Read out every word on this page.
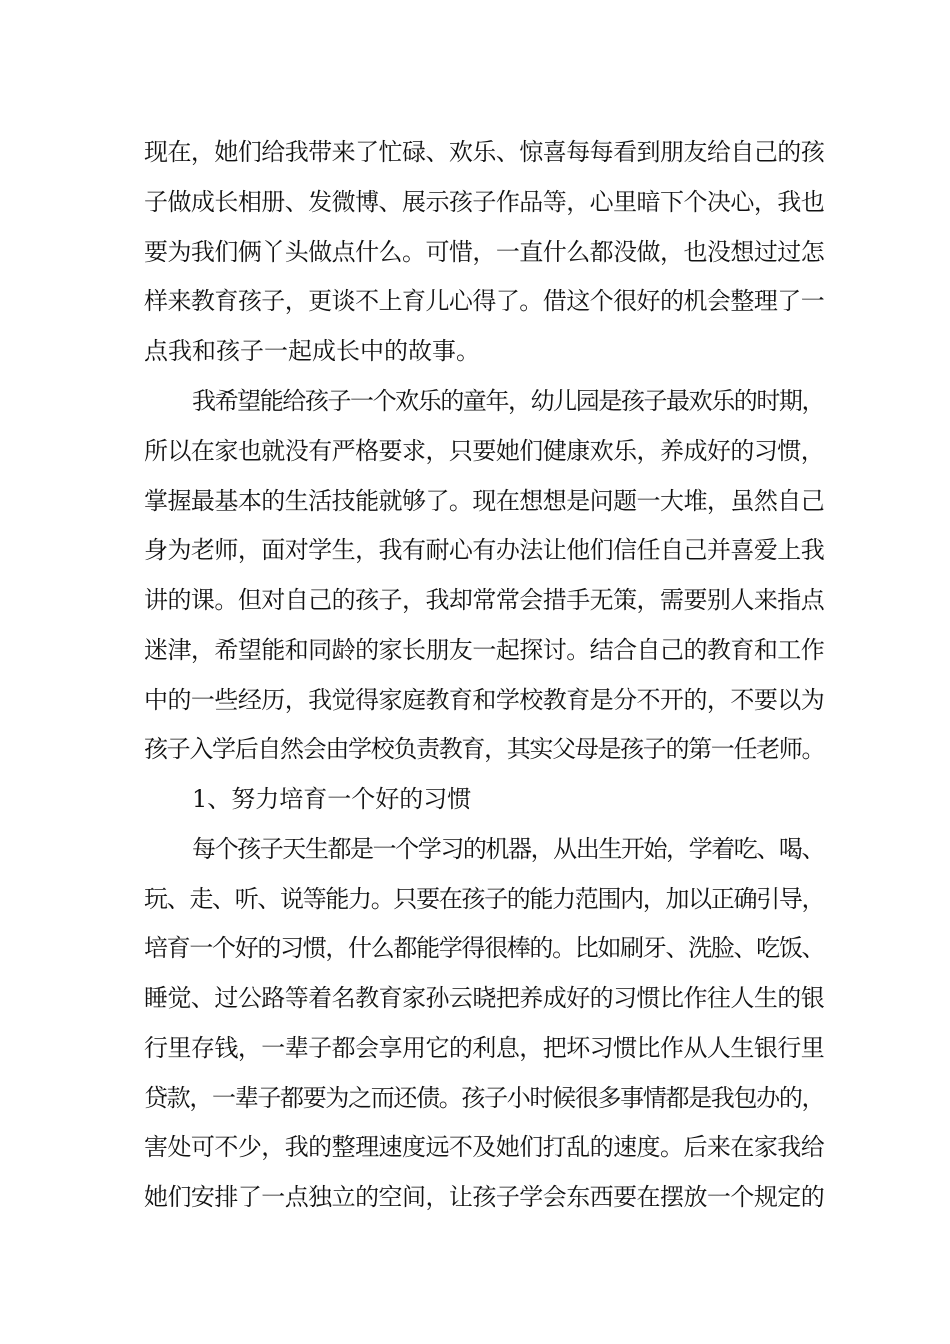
现在，她们给我带来了忙碌、欢乐、惊喜每每看到朋友给自己的孩
子做成长相册、发微博、展示孩子作品等，心里暗下个决心，我也
要为我们俩丫头做点什么。可惜，一直什么都没做，也没想过过怎
样来教育孩子，更谈不上育儿心得了。借这个很好的机会整理了一
点我和孩子一起成长中的故事。
我希望能给孩子一个欢乐的童年，幼儿园是孩子最欢乐的时期，
所以在家也就没有严格要求，只要她们健康欢乐，养成好的习惯，
掌握最基本的生活技能就够了。现在想想是问题一大堆，虽然自己
身为老师，面对学生，我有耐心有办法让他们信任自己并喜爱上我
讲的课。但对自己的孩子，我却常常会措手无策，需要别人来指点
迷津，希望能和同龄的家长朋友一起探讨。结合自己的教育和工作
中的一些经历，我觉得家庭教育和学校教育是分不开的，不要以为
孩子入学后自然会由学校负责教育，其实父母是孩子的第一任老师。
1、努力培育一个好的习惯
每个孩子天生都是一个学习的机器，从出生开始，学着吃、喝、
玩、走、听、说等能力。只要在孩子的能力范围内，加以正确引导，
培育一个好的习惯，什么都能学得很棒的。比如刷牙、洗脸、吃饭、
睡觉、过公路等着名教育家孙云晓把养成好的习惯比作往人生的银
行里存钱，一辈子都会享用它的利息，把坏习惯比作从人生银行里
贷款，一辈子都要为之而还债。孩子小时候很多事情都是我包办的，
害处可不少，我的整理速度远不及她们打乱的速度。后来在家我给
她们安排了一点独立的空间，让孩子学会东西要在摆放一个规定的
